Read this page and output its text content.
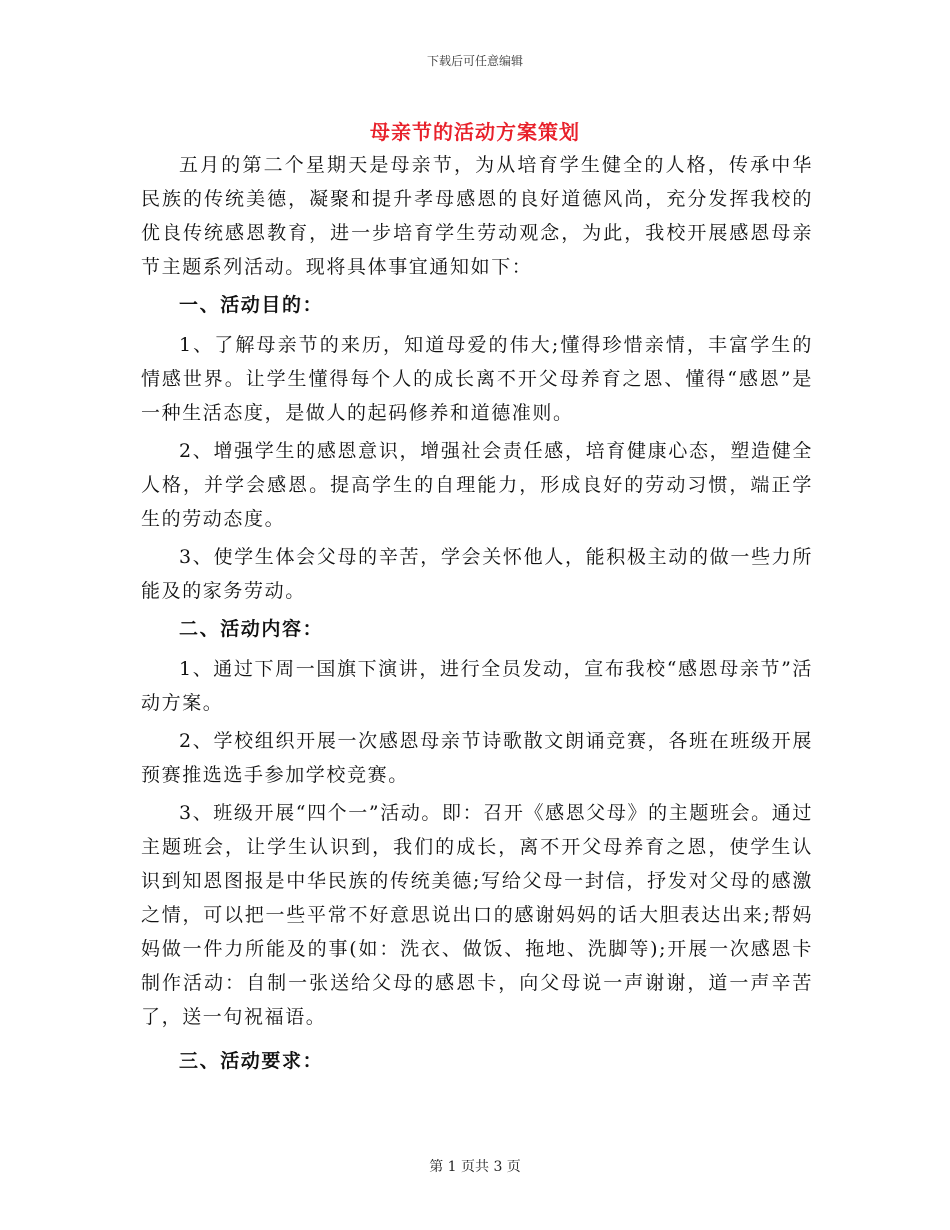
下载后可任意编辑
母亲节的活动方案策划

五月的第二个星期天是母亲节，为从培育学生健全的人格，传承中华民族的传统美德，凝聚和提升孝母感恩的良好道德风尚，充分发挥我校的优良传统感恩教育，进一步培育学生劳动观念，为此，我校开展感恩母亲节主题系列活动。现将具体事宜通知如下：

一、活动目的：

1、了解母亲节的来历，知道母爱的伟大;懂得珍惜亲情，丰富学生的情感世界。让学生懂得每个人的成长离不开父母养育之恩、懂得“感恩”是一种生活态度，是做人的起码修养和道德准则。

2、增强学生的感恩意识，增强社会责任感，培育健康心态，塑造健全人格，并学会感恩。提高学生的自理能力，形成良好的劳动习惯，端正学生的劳动态度。

3、使学生体会父母的辛苦，学会关怀他人，能积极主动的做一些力所能及的家务劳动。

二、活动内容：

1、通过下周一国旗下演讲，进行全员发动，宣布我校“感恩母亲节”活动方案。

2、学校组织开展一次感恩母亲节诗歌散文朗诵竞赛，各班在班级开展预赛推选选手参加学校竞赛。

3、班级开展“四个一”活动。即：召开《感恩父母》的主题班会。通过主题班会，让学生认识到，我们的成长，离不开父母养育之恩，使学生认识到知恩图报是中华民族的传统美德;写给父母一封信，抒发对父母的感激之情，可以把一些平常不好意思说出口的感谢妈妈的话大胆表达出来;帮妈妈做一件力所能及的事(如：洗衣、做饭、拖地、洗脚等);开展一次感恩卡制作活动：自制一张送给父母的感恩卡，向父母说一声谢谢，道一声辛苦了，送一句祝福语。

三、活动要求：

第 1 页共 3 页
